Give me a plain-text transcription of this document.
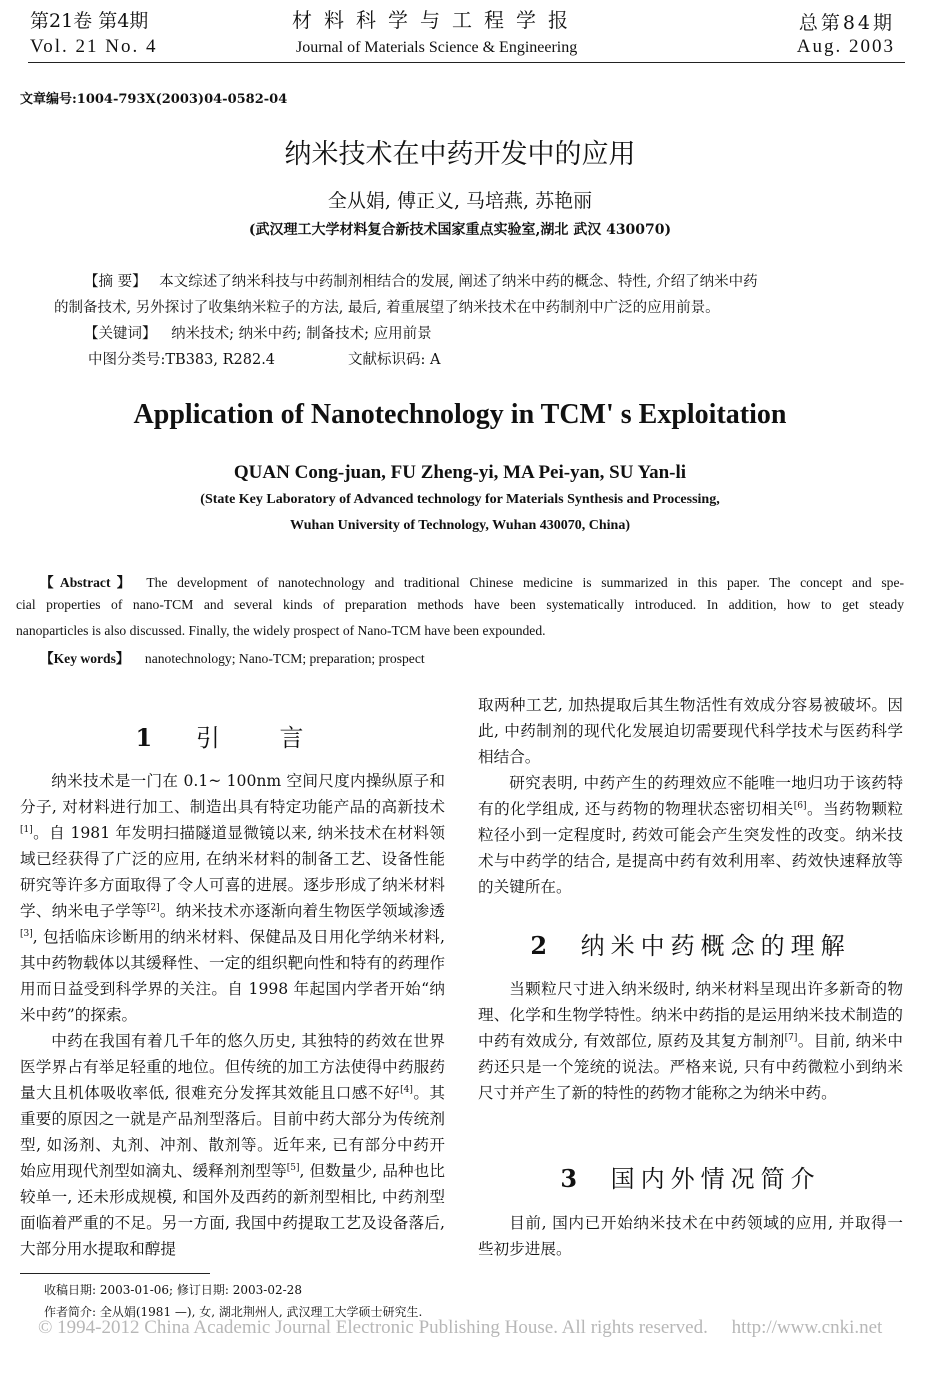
第21卷 第4期
Vol. 21 No. 4
材料科学与工程学报
Journal of Materials Science & Engineering
总第84期
Aug. 2003
文章编号:1004-793X(2003)04-0582-04
纳米技术在中药开发中的应用
全从娟, 傅正义, 马培燕, 苏艳丽
(武汉理工大学材料复合新技术国家重点实验室,湖北 武汉 430070)
【摘 要】 本文综述了纳米科技与中药制剂相结合的发展, 阐述了纳米中药的概念、特性, 介绍了纳米中药
的制备技术, 另外探讨了收集纳米粒子的方法, 最后, 着重展望了纳米技术在中药制剂中广泛的应用前景。
【关键词】 纳米技术; 纳米中药; 制备技术; 应用前景
中图分类号:TB383, R282.4	文献标识码: A
Application of Nanotechnology in TCM' s Exploitation
QUAN Cong-juan, FU Zheng-yi, MA Pei-yan, SU Yan-li
(State Key Laboratory of Advanced technology for Materials Synthesis and Processing,
Wuhan University of Technology, Wuhan 430070, China)
【Abstract】 The development of nanotechnology and traditional Chinese medicine is summarized in this paper. The concept and spe-
cial properties of nano-TCM and several kinds of preparation methods have been systematically introduced. In addition, how to get steady
nanoparticles is also discussed. Finally, the widely prospect of Nano-TCM have been expounded.
【Key words】 nanotechnology; Nano-TCM; preparation; prospect
1 引 言

纳米技术是一门在 0.1~ 100nm 空间尺度内操纵原子和分子, 对材料进行加工、制造出具有特定功能产品的高新技术[1]。自 1981 年发明扫描隧道显微镜以来, 纳米技术在材料领域已经获得了广泛的应用, 在纳米材料的制备工艺、设备性能研究等许多方面取得了令人可喜的进展。逐步形成了纳米材料学、纳米电子学等[2]。纳米技术亦逐渐向着生物医学领域渗透[3], 包括临床诊断用的纳米材料、保健品及日用化学纳米材料, 其中药物载体以其缓释性、一定的组织靶向性和特有的药理作用而日益受到科学界的关注。自 1998 年起国内学者开始“纳米中药”的探索。

中药在我国有着几千年的悠久历史, 其独特的药效在世界医学界占有举足轻重的地位。但传统的加工方法使得中药服药量大且机体吸收率低, 很难充分发挥其效能且口感不好[4]。其重要的原因之一就是产品剂型落后。目前中药大部分为传统剂型, 如汤剂、丸剂、冲剂、散剂等。近年来, 已有部分中药开始应用现代剂型如滴丸、缓释剂剂型等[5], 但数量少, 品种也比较单一, 还未形成规模, 和国外及西药的新剂型相比, 中药剂型面临着严重的不足。另一方面, 我国中药提取工艺及设备落后, 大部分用水提取和醇提

取两种工艺, 加热提取后其生物活性有效成分容易被破坏。因此, 中药制剂的现代化发展迫切需要现代科学技术与医药科学相结合。

研究表明, 中药产生的药理效应不能唯一地归功于该药特有的化学组成, 还与药物的物理状态密切相关[6]。当药物颗粒粒径小到一定程度时, 药效可能会产生突发性的改变。纳米技术与中药学的结合, 是提高中药有效利用率、药效快速释放等的关键所在。

2 纳米中药概念的理解

当颗粒尺寸进入纳米级时, 纳米材料呈现出许多新奇的物理、化学和生物学特性。纳米中药指的是运用纳米技术制造的中药有效成分, 有效部位, 原药及其复方制剂[7]。目前, 纳米中药还只是一个笼统的说法。严格来说, 只有中药微粒小到纳米尺寸并产生了新的特性的药物才能称之为纳米中药。

3 国内外情况简介

目前, 国内已开始纳米技术在中药领域的应用, 并取得一些初步进展。

收稿日期: 2003-01-06; 修订日期: 2003-02-28
作者简介: 全从娟(1981 —), 女, 湖北荆州人, 武汉理工大学硕士研究生.
© 1994-2012 China Academic Journal Electronic Publishing House. All rights reserved.     http://www.cnki.net
